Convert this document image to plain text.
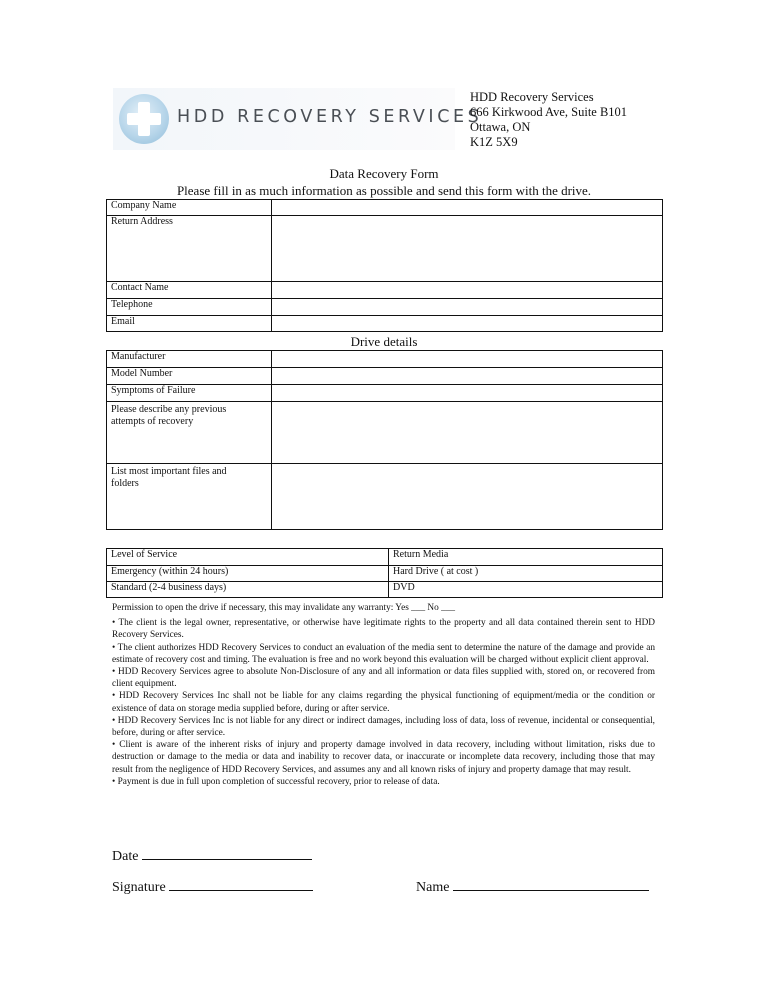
HDD RECOVERY SERVICES
HDD Recovery Services
666 Kirkwood Ave, Suite B101
Ottawa, ON
K1Z 5X9
Data Recovery Form
Please fill in as much information as possible and send this form with the drive.
Company Name	
Return Address	
Contact Name	
Telephone	
Email	
Drive details
Manufacturer	
Model Number	
Symptoms of Failure	

Please describe any previous
attempts of recovery	

List most important files and
folders	

Level of Service	Return Media
Emergency (within 24 hours)	Hard Drive ( at cost )
Standard (2-4 business days)	DVD

Permission to open the drive if necessary, this may invalidate any warranty: Yes ___ No ___

• The client is the legal owner, representative, or otherwise have legitimate rights to the property and all data contained therein sent to HDD Recovery Services.

• The client authorizes HDD Recovery Services to conduct an evaluation of the media sent to determine the nature of the damage and provide an estimate of recovery cost and timing. The evaluation is free and no work beyond this evaluation will be charged without explicit client approval.

• HDD Recovery Services agree to absolute Non-Disclosure of any and all information or data files supplied with, stored on, or recovered from client equipment.

• HDD Recovery Services Inc shall not be liable for any claims regarding the physical functioning of equipment/media or the condition or existence of data on storage media supplied before, during or after service.

• HDD Recovery Services Inc is not liable for any direct or indirect damages, including loss of data, loss of revenue, incidental or consequential, before, during or after service.

• Client is aware of the inherent risks of injury and property damage involved in data recovery, including without limitation, risks due to destruction or damage to the media or data and inability to recover data, or inaccurate or incomplete data recovery, including those that may result from the negligence of HDD Recovery Services, and assumes any and all known risks of injury and property damage that may result.

• Payment is due in full upon completion of successful recovery, prior to release of data.

Date
Signature	Name
